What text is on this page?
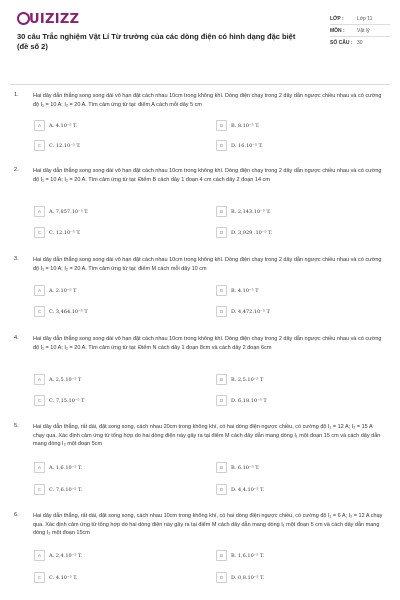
UIZIZZ
30 câu Trắc nghiệm Vật Lí Từ trường của các dòng điện có hình dạng đặc biệt (đề số 2)
LỚP :	Lớp 11
MÔN :	Vật lý
SỐ CÂU : 30
1.	Hai dây dẫn thẳng song song dài vô hạn đặt cách nhau 10cm trong không khí. Dòng điện chạy trong 2 dây dẫn ngược chiều nhau và có cường độ I₁ = 10 A; I₂ = 20 A. Tìm cảm ứng từ tại: điểm A cách mỗi dây 5 cm
A	A. 4.10⁻⁵ T.	B	B. 8.10⁻⁵ T.
C	C. 12.10⁻⁵ T.	D	D. 16.10⁻⁵ T.
2.	Hai dây dẫn thẳng song song dài vô hạn đặt cách nhau 10cm trong không khí. Dòng điện chạy trong 2 dây dẫn ngược chiều nhau và có cường độ I₁ = 10 A; I₂ = 20 A. Tìm cảm ứng từ tại: Điểm B cách dây 1 đoạn 4 cm cách dây 2 đoạn 14 cm
A	A. 7,857.10⁻⁵ T.	B	B. 2,143.10⁻⁵ T.
C	C. 12.10⁻⁵ T.	D	D. 3,929 .10⁻⁵ T.
3.	Hai dây dẫn thẳng song song dài vô hạn đặt cách nhau 10cm trong không khí. Dòng điện chạy trong 2 dây dẫn ngược chiều nhau và có cường độ I₁ = 10 A; I₂ = 20 A. Tìm cảm ứng từ tại: điểm M cách mỗi dây 10 cm
A	A. 2.10⁻⁵ T	B	B. 4.10⁻⁵ T
C	C. 3,464.10⁻⁵ T	D	D. 4,472.10⁻⁵ T
4.	Hai dây dẫn thẳng song song dài vô hạn đặt cách nhau 10cm trong không khí. Dòng điện chạy trong 2 dây dẫn ngược chiều nhau và có cường độ I₁ = 10 A; I₂ = 20 A. Tìm cảm ứng từ tại: Điểm N cách dây 1 đoạn 8cm và cách dây 2 đoạn 6cm
A	A. 2,5.10⁻⁵ T	B	B. 2,5.10⁻⁵ T
C	C. 7,15.10⁻⁵ T	D	D. 6,18.10⁻⁵ T
5.	Hai dây dẫn thẳng, rất dài, đặt song song, cách nhau 20cm trong không khí, có hai dòng điện ngược chiều, có cường độ I₁ = 12 A; I₂ = 15 A chạy qua. Xác định cảm ứng từ tổng hợp do hai dòng điện này gây ra tại điểm M cách dây dẫn mang dòng I₁ một đoạn 15 cm và cách dây dẫn mang dòng I₂ một đoạn 5cm
A	A. 1,6.10⁻⁵ T.	B	B. 6.10⁻⁵ T.
C	C. 7,6.10⁻⁵ T.	D	D. 4,4.10⁻⁵ T.
6.	Hai dây dẫn thẳng, rất dài, đặt song song, cách nhau 10cm trong không khí, có hai dòng điện ngược chiều, có cường độ I₁ = 6 A; I₂ = 12 A chạy qua. Xác định cảm ứng từ tổng hợp do hai dòng điện này gây ra tại điểm M cách dây dẫn mang dòng I₁ một đoạn 5 cm và cách dây dẫn mang dòng I₂ một đoạn 15cm
A	A. 2,4.10⁻⁵ T.	B	B. 1,6.10⁻⁵ T.
C	C. 4.10⁻⁵ T.	D	D. 0,8.10⁻⁵ T.
